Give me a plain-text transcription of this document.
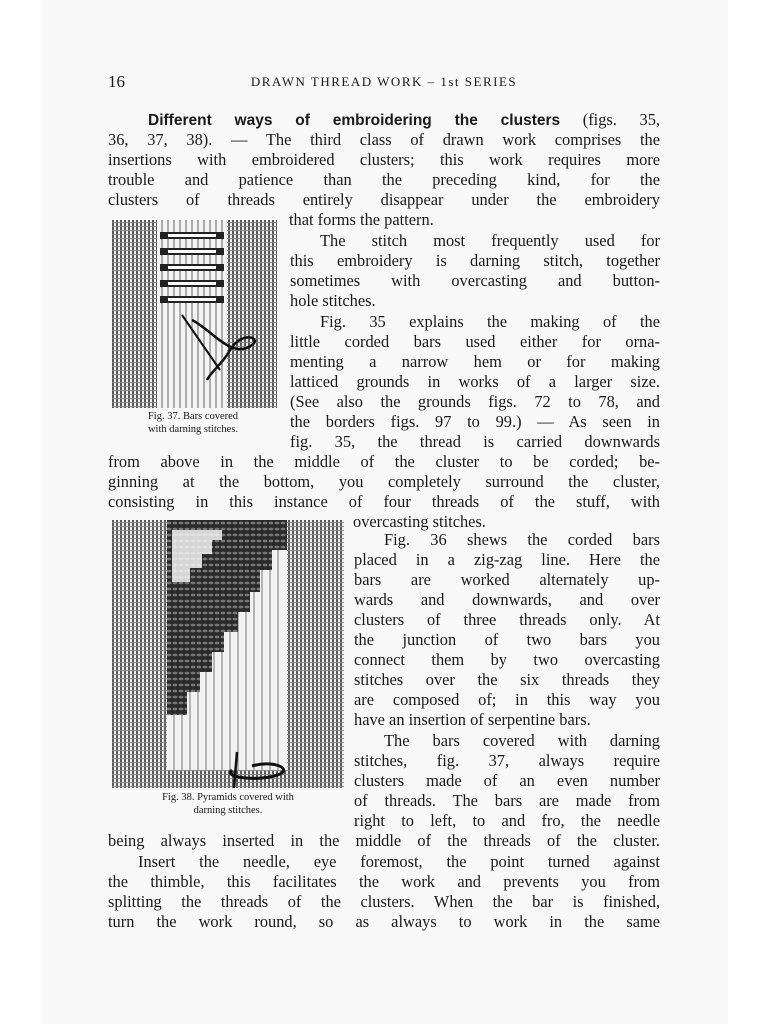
16	DRAWN THREAD WORK – 1st SERIES
Different ways of embroidering the clusters (figs. 35,
36, 37, 38). — The third class of drawn work comprises the
insertions with embroidered clusters; this work requires more
trouble and patience than the preceding kind, for the
clusters of threads entirely disappear under the embroidery
that forms the pattern.
Fig. 37. Bars covered
with darning stitches.
The stitch most frequently used for
this embroidery is darning stitch, together
sometimes with overcasting and button-
hole stitches.
Fig. 35 explains the making of the
little corded bars used either for orna-
menting a narrow hem or for making
latticed grounds in works of a larger size.
(See also the grounds figs. 72 to 78, and
the borders figs. 97 to 99.) — As seen in
fig. 35, the thread is carried downwards
from above in the middle of the cluster to be corded; be-
ginning at the bottom, you completely surround the cluster,
consisting in this instance of four threads of the stuff, with
overcasting stitches.
Fig. 38. Pyramids covered with
darning stitches.
Fig. 36 shews the corded bars
placed in a zig-zag line. Here the
bars are worked alternately up-
wards and downwards, and over
clusters of three threads only. At
the junction of two bars you
connect them by two overcasting
stitches over the six threads they
are composed of; in this way you
have an insertion of serpentine bars.
The bars covered with darning
stitches, fig. 37, always require
clusters made of an even number
of threads. The bars are made from
right to left, to and fro, the needle
being always inserted in the middle of the threads of the cluster.
Insert the needle, eye foremost, the point turned against
the thimble, this facilitates the work and prevents you from
splitting the threads of the clusters. When the bar is finished,
turn the work round, so as always to work in the same
